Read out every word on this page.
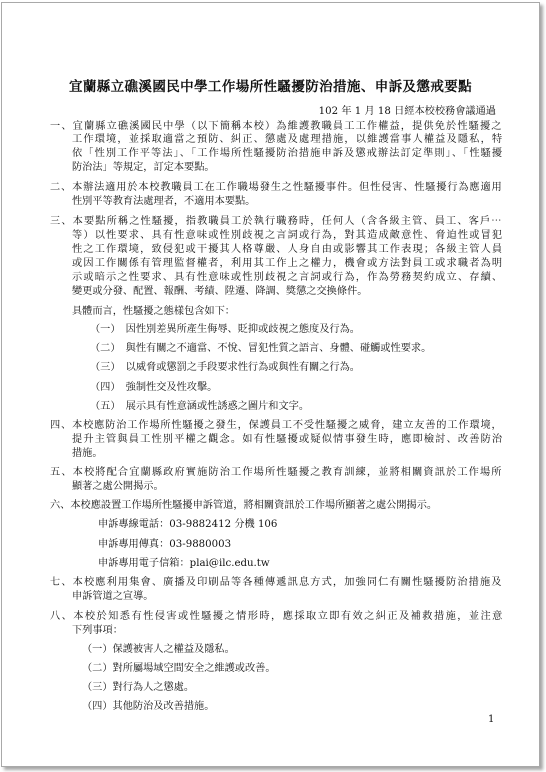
宜蘭縣立礁溪國民中學工作場所性騷擾防治措施、申訴及懲戒要點
102 年 1 月 18 日經本校校務會議通過
一、宜蘭縣立礁溪國民中學（以下簡稱本校）為維護教職員工工作權益，提供免於性騷擾之
工作環境，並採取適當之預防、糾正、懲處及處理措施，以維護當事人權益及隱私，特
依「性別工作平等法」、「工作場所性騷擾防治措施申訴及懲戒辦法訂定準則」、「性騷擾
防治法」等規定，訂定本要點。
二、本辦法適用於本校教職員工在工作職場發生之性騷擾事件。但性侵害、性騷擾行為應適用
性別平等教育法處理者，不適用本要點。
三、本要點所稱之性騷擾，指教職員工於執行職務時，任何人（含各級主管、員工、客戶⋯
等）以性要求、具有性意味或性別歧視之言詞或行為，對其造成敵意性、脅迫性或冒犯
性之工作環境，致侵犯或干擾其人格尊嚴、人身自由或影響其工作表現；各級主管人員
或因工作關係有管理監督權者，利用其工作上之權力，機會或方法對員工或求職者為明
示或暗示之性要求、具有性意味或性別歧視之言詞或行為，作為勞務契約成立、存續、
變更或分發、配置、報酬、考績、陞遷、降調、獎懲之交換條件。
具體而言，性騷擾之態樣包含如下：
（一）　因性別差異所產生侮辱、貶抑或歧視之態度及行為。
（二）　與性有關之不適當、不悅、冒犯性質之語言、身體、碰觸或性要求。
（三）　以威脅或懲罰之手段要求性行為或與性有關之行為。
（四）　強制性交及性攻擊。
（五）　展示具有性意涵或性誘惑之圖片和文字。
四、本校應防治工作場所性騷擾之發生，保護員工不受性騷擾之威脅，建立友善的工作環境，
提升主管與員工性別平權之觀念。如有性騷擾或疑似情事發生時，應即檢討、改善防治
措施。
五、本校將配合宜蘭縣政府實施防治工作場所性騷擾之教育訓練，並將相關資訊於工作場所
顯著之處公開揭示。
六、本校應設置工作場所性騷擾申訴管道，將相關資訊於工作場所顯著之處公開揭示。
申訴專線電話：03-9882412 分機 106
申訴專用傳真：03-9880003
申訴專用電子信箱：plai@ilc.edu.tw
七、本校應利用集會、廣播及印刷品等各種傳遞訊息方式，加強同仁有關性騷擾防治措施及
申訴管道之宣導。
八、本校於知悉有性侵害或性騷擾之情形時，應採取立即有效之糾正及補救措施，並注意
下列事項：
（一）保護被害人之權益及隱私。
（二）對所屬場域空間安全之維護或改善。
（三）對行為人之懲處。
（四）其他防治及改善措施。
1
